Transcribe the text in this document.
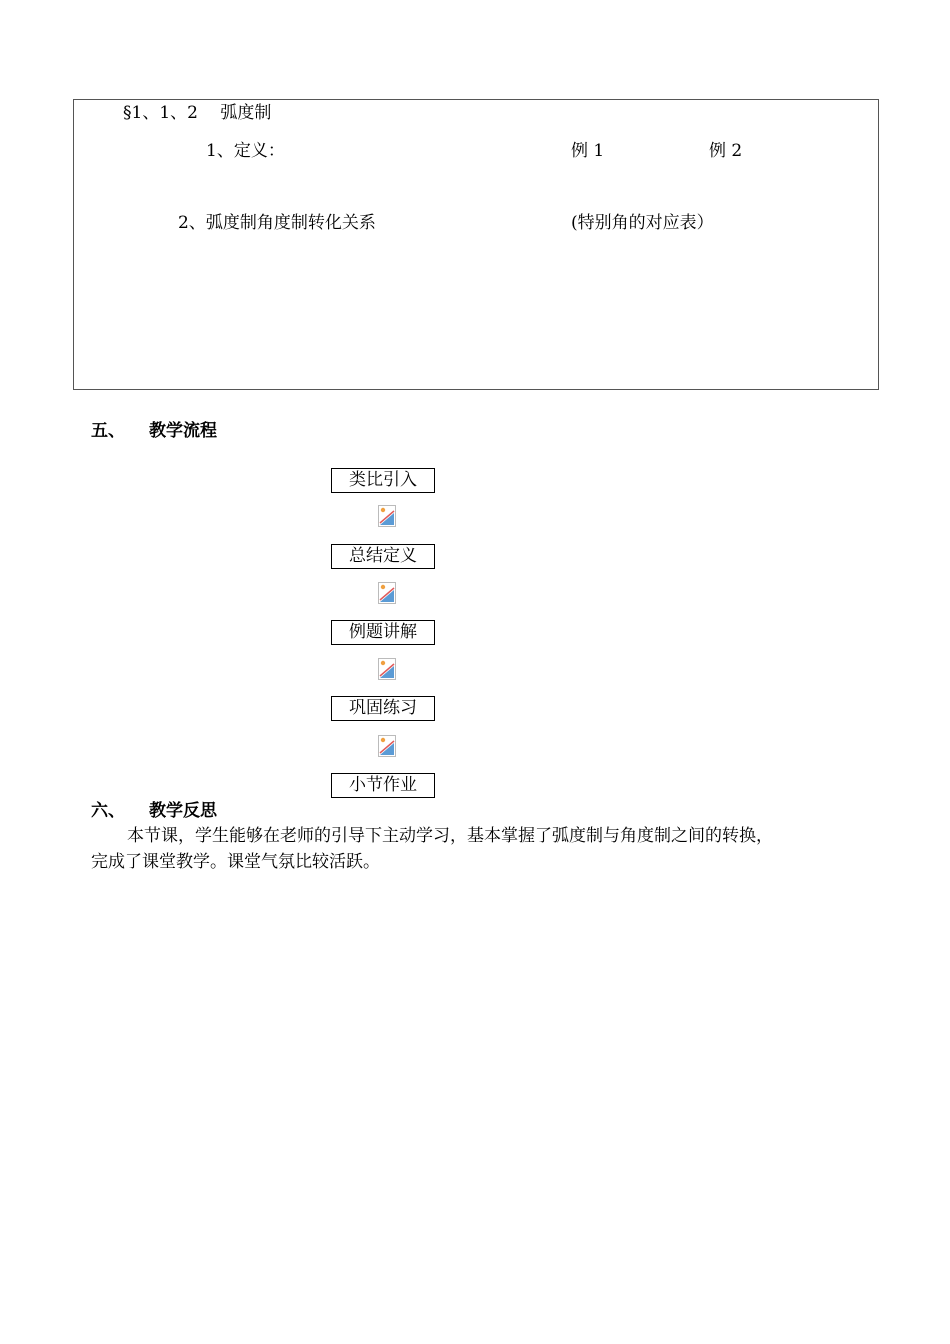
§1、1、2　 弧度制
1、定义：	例 1	例 2
2、弧度制角度制转化关系	(特别角的对应表）
五、 教学流程
类比引入
总结定义
例题讲解
巩固练习
小节作业
六、 教学反思
本节课，学生能够在老师的引导下主动学习，基本掌握了弧度制与角度制之间的转换，
完成了课堂教学。课堂气氛比较活跃。
